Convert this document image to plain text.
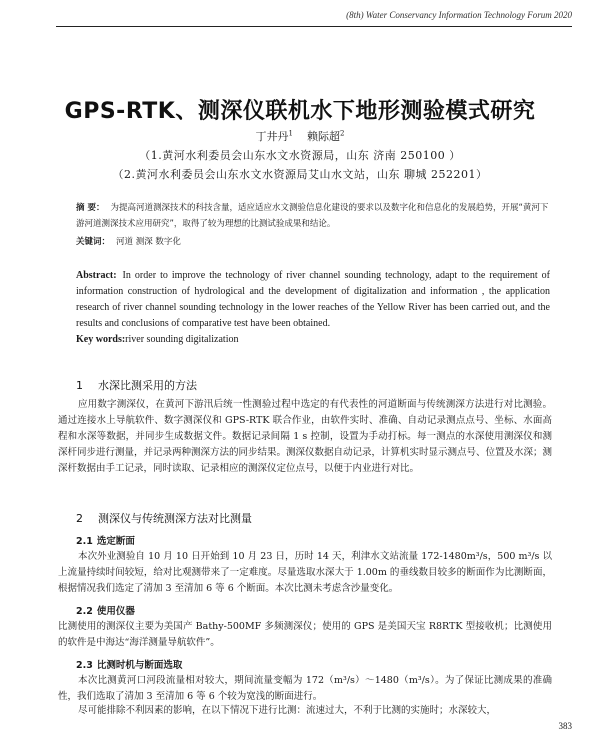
(8th) Water Conservancy Information Technology Forum 2020
GPS-RTK、测深仪联机水下地形测验模式研究
丁井丹$^1$ 赖际超$^2$
（1.黄河水利委员会山东水文水资源局，山东 济南 250100 ）
（2.黄河水利委员会山东水文水资源局艾山水文站，山东 聊城 252201）
摘 要： 为提高河道测深技术的科技含量，适应适应水文测验信息化建设的要求以及数字化和信息化的发展趋势，开展“黄河下游河道测深技术应用研究”，取得了较为理想的比测试验成果和结论。
关键词： 河道 测深 数字化
Abstract: In order to improve the technology of river channel sounding technology, adapt to the requirement of information construction of hydrological and the development of digitalization and information , the application research of river channel sounding technology in the lower reaches of the Yellow River has been carried out, and the results and conclusions of comparative test have been obtained.
Key words:river sounding digitalization
1 水深比测采用的方法
应用数字测深仪，在黄河下游汛后统一性测验过程中选定的有代表性的河道断面与传统测深方法进行对比测验。通过连接水上导航软件、数字测深仪和 GPS-RTK 联合作业，由软件实时、准确、自动记录测点点号、坐标、水面高程和水深等数据，并同步生成数据文件。数据记录间隔 1 s 控制，设置为手动打标。每一测点的水深使用测深仪和测深杆同步进行测量，并记录两种测深方法的同步结果。测深仪数据自动记录，计算机实时显示测点号、位置及水深；测深杆数据由手工记录，同时读取、记录相应的测深仪定位点号，以便于内业进行对比。
2 测深仪与传统测深方法对比测量
2.1 选定断面
本次外业测验自 10 月 10 日开始到 10 月 23 日，历时 14 天，利津水文站流量 172-1480m³/s，500 m³/s 以上流量持续时间较短，给对比观测带来了一定难度。尽量选取水深大于 1.00m 的垂线数目较多的断面作为比测断面，根据情况我们选定了清加 3 至清加 6 等 6 个断面。本次比测未考虑含沙量变化。
2.2 使用仪器
比测使用的测深仪主要为美国产 Bathy-500MF 多频测深仪；使用的 GPS 是美国天宝 R8RTK 型接收机；比测使用的软件是中海达“海洋测量导航软件”。
2.3 比测时机与断面选取
本次比测黄河口河段流量相对较大，期间流量变幅为 172（m³/s）～1480（m³/s）。为了保证比测成果的准确性，我们选取了清加 3 至清加 6 等 6 个较为宽浅的断面进行。
尽可能排除不利因素的影响，在以下情况下进行比测：流速过大，不利于比测的实施时；水深较大，
383
